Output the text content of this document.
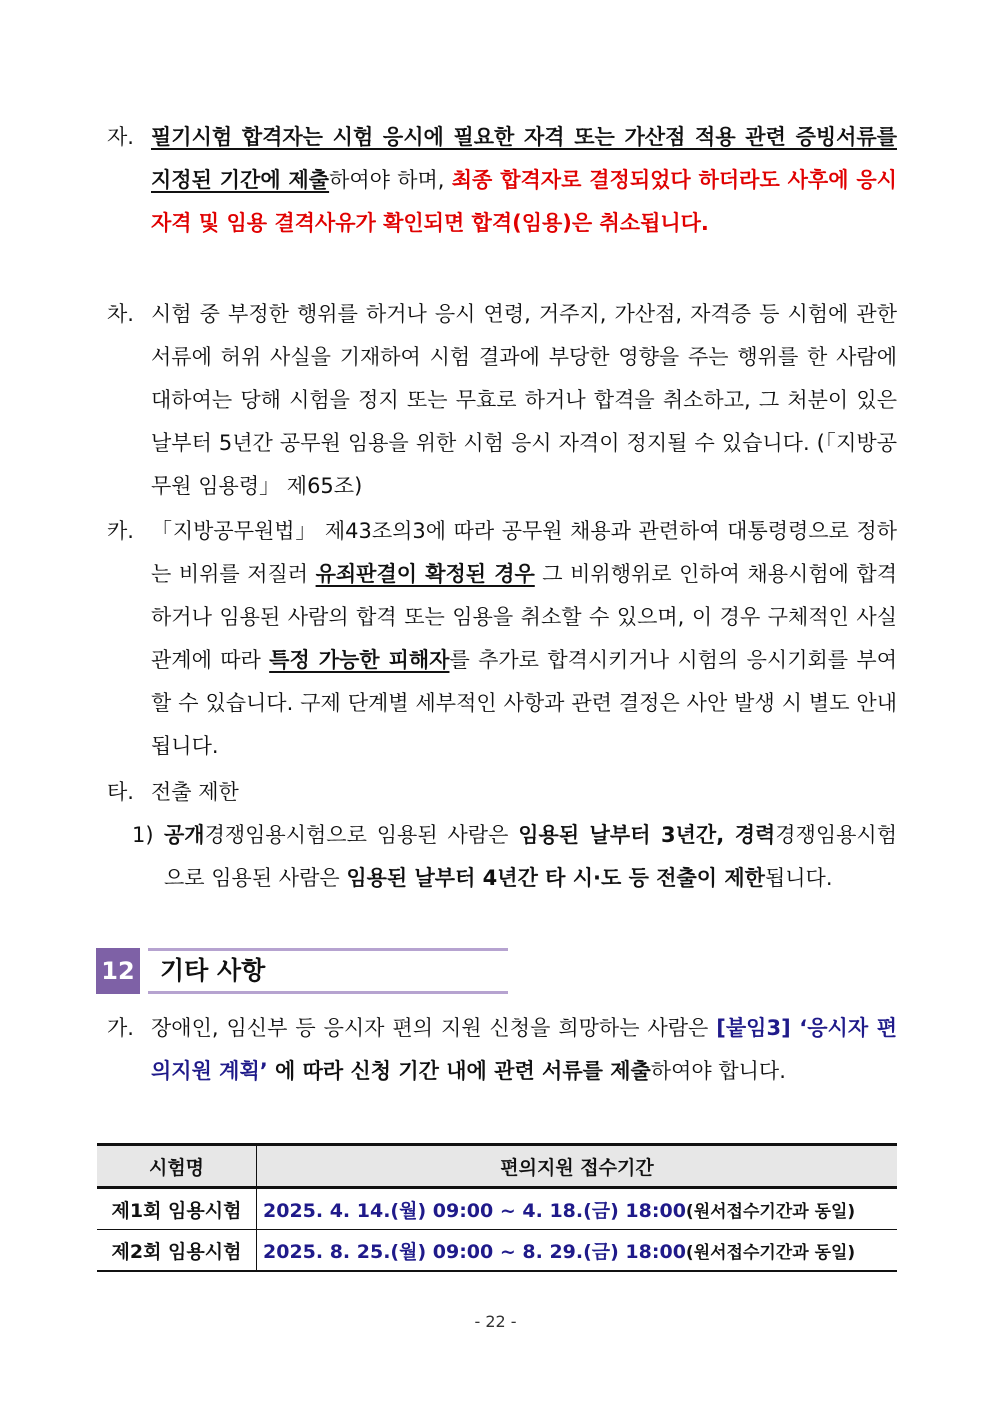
자. 필기시험 합격자는 시험 응시에 필요한 자격 또는 가산점 적용 관련 증빙서류를 지정된 기간에 제출하여야 하며, 최종 합격자로 결정되었다 하더라도 사후에 응시 자격 및 임용 결격사유가 확인되면 합격(임용)은 취소됩니다.
차. 시험 중 부정한 행위를 하거나 응시 연령, 거주지, 가산점, 자격증 등 시험에 관한 서류에 허위 사실을 기재하여 시험 결과에 부당한 영향을 주는 행위를 한 사람에 대하여는 당해 시험을 정지 또는 무효로 하거나 합격을 취소하고, 그 처분이 있은 날부터 5년간 공무원 임용을 위한 시험 응시 자격이 정지될 수 있습니다. (「지방공무원 임용령」 제65조)
카. 「지방공무원법」 제43조의3에 따라 공무원 채용과 관련하여 대통령령으로 정하는 비위를 저질러 유죄판결이 확정된 경우 그 비위행위로 인하여 채용시험에 합격하거나 임용된 사람의 합격 또는 임용을 취소할 수 있으며, 이 경우 구체적인 사실관계에 따라 특정 가능한 피해자를 추가로 합격시키거나 시험의 응시기회를 부여할 수 있습니다. 구제 단계별 세부적인 사항과 관련 결정은 사안 발생 시 별도 안내됩니다.
타. 전출 제한
1) 공개경쟁임용시험으로 임용된 사람은 임용된 날부터 3년간, 경력경쟁임용시험으로 임용된 사람은 임용된 날부터 4년간 타 시·도 등 전출이 제한됩니다.
12	기타 사항
가. 장애인, 임신부 등 응시자 편의 지원 신청을 희망하는 사람은 [붙임3] ‘응시자 편의지원 계획’ 에 따라 신청 기간 내에 관련 서류를 제출하여야 합니다.
시험명	편의지원 접수기간
제1회 임용시험	2025. 4. 14.(월) 09:00 ~ 4. 18.(금) 18:00(원서접수기간과 동일)
제2회 임용시험	2025. 8. 25.(월) 09:00 ~ 8. 29.(금) 18:00(원서접수기간과 동일)
- 22 -
